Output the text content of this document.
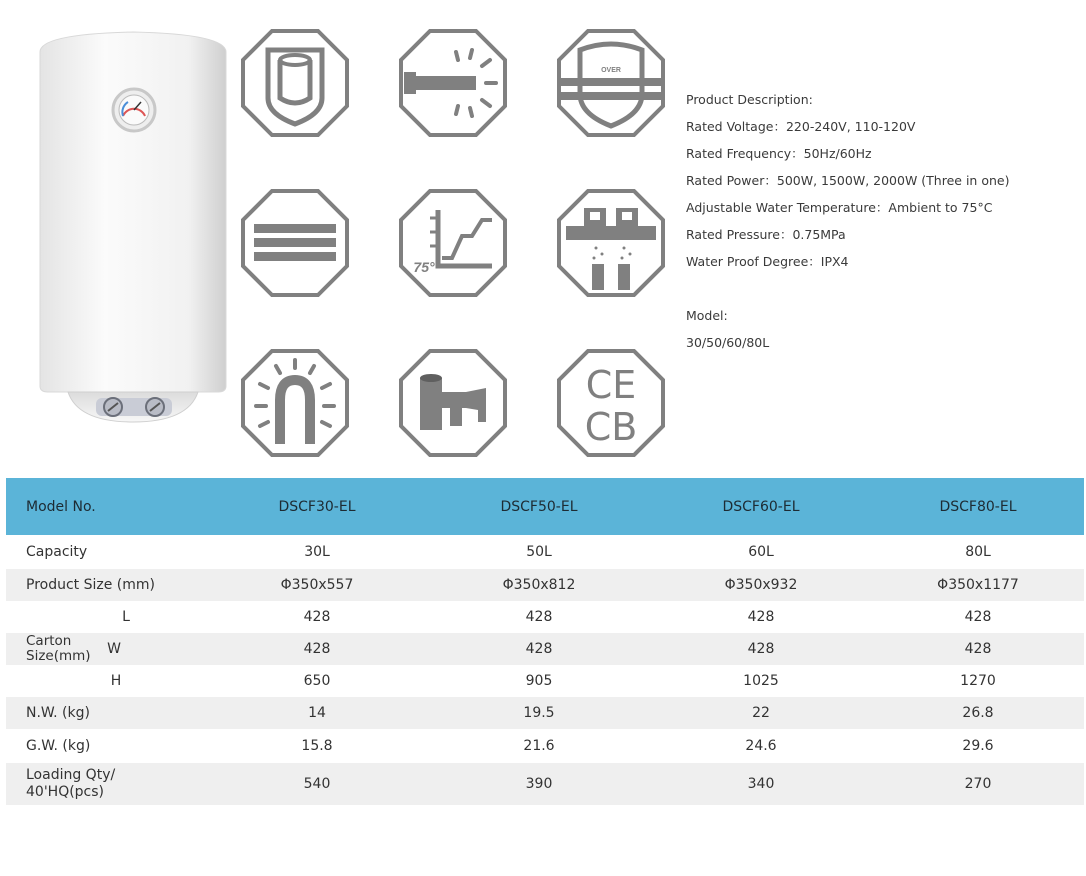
OVER
75°
CE
CB
Product Description:
Rated Voltage：220-240V, 110-120V
Rated Frequency：50Hz/60Hz
Rated Power：500W, 1500W, 2000W (Three in one)
Adjustable Water Temperature：Ambient to 75°C
Rated Pressure：0.75MPa
Water Proof Degree：IPX4
Model:
30/50/60/80L
Model No.	DSCF30-EL	DSCF50-EL	DSCF60-EL	DSCF80-EL
Capacity	30L	50L	60L	80L
Product Size (mm)	Φ350x557	Φ350x812	Φ350x932	Φ350x1177
L	428	428	428	428
Carton
Size(mm) W	428	428	428	428
H	650	905	1025	1270
N.W. (kg)	14	19.5	22	26.8
G.W. (kg)	15.8	21.6	24.6	29.6
Loading Qty/
40'HQ(pcs)	540	390	340	270
